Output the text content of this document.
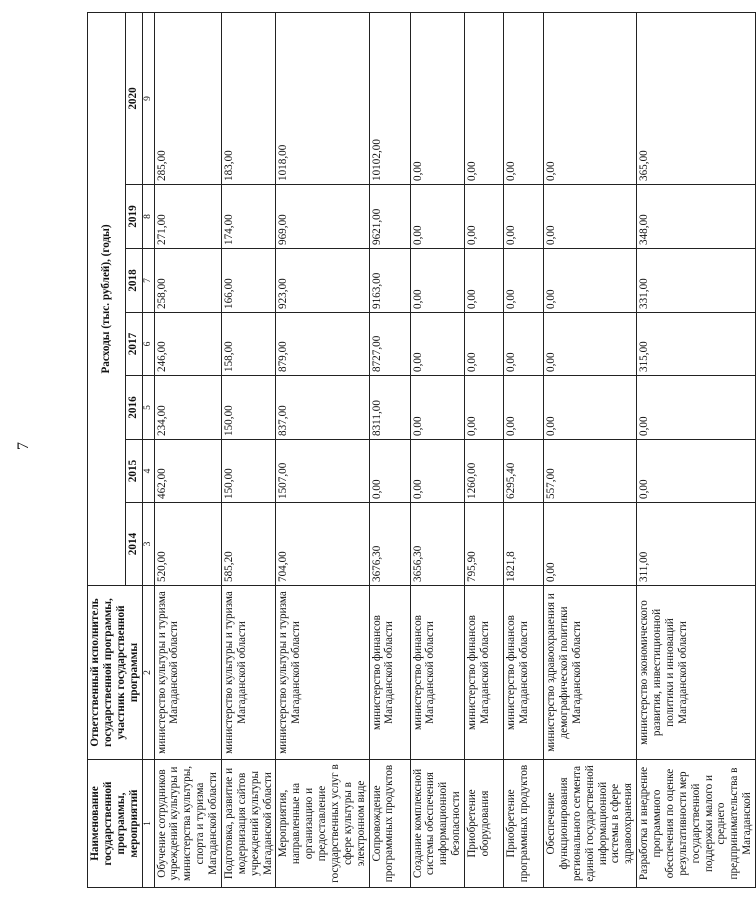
7
Наименование государственной программы, мероприятий	Ответственный исполнитель государственной программы, участник государственной программы	Расходы (тыс. рублей), (годы)						
		2014	2015	2016	2017	2018	2019	2020
1	2	3	4	5	6	7	8	9
Обучение сотрудников учреждений культуры и министерства культуры, спорта и туризма Магаданской области	министерство культуры и туризма Магаданской области	520,00	462,00	234,00	246,00	258,00	271,00	285,00
Подготовка, развитие и модернизация сайтов учреждений культуры Магаданской области	министерство культуры и туризма Магаданской области	585,20	150,00	150,00	158,00	166,00	174,00	183,00
Мероприятия, направленные на организацию и предоставление государственных услуг в сфере культуры в электронном виде	министерство культуры и туризма Магаданской области	704,00	1507,00	837,00	879,00	923,00	969,00	1018,00
Сопровождение программных продуктов	министерство финансов Магаданской области	3676,30	0,00	8311,00	8727,00	9163,00	9621,00	10102,00
Создание комплексной системы обеспечения информационной безопасности	министерство финансов Магаданской области	3656,30	0,00	0,00	0,00	0,00	0,00	0,00
Приобретение оборудования	министерство финансов Магаданской области	795,90	1260,00	0,00	0,00	0,00	0,00	0,00
Приобретение программных продуктов	министерство финансов Магаданской области	1821,8	6295,40	0,00	0,00	0,00	0,00	0,00
Обеспечение функционирования регионального сегмента единой государственной информационной системы в сфере здравоохранения	министерство здравоохранения и демографической политики Магаданской области	0,00	557,00	0,00	0,00	0,00	0,00	0,00
Разработка и внедрение программного обеспечения по оценке результативности мер государственной поддержки малого и среднего предпринимательства в Магаданской	министерство экономического развития, инвестиционной политики и инноваций Магаданской области	311,00	0,00	0,00	315,00	331,00	348,00	365,00
